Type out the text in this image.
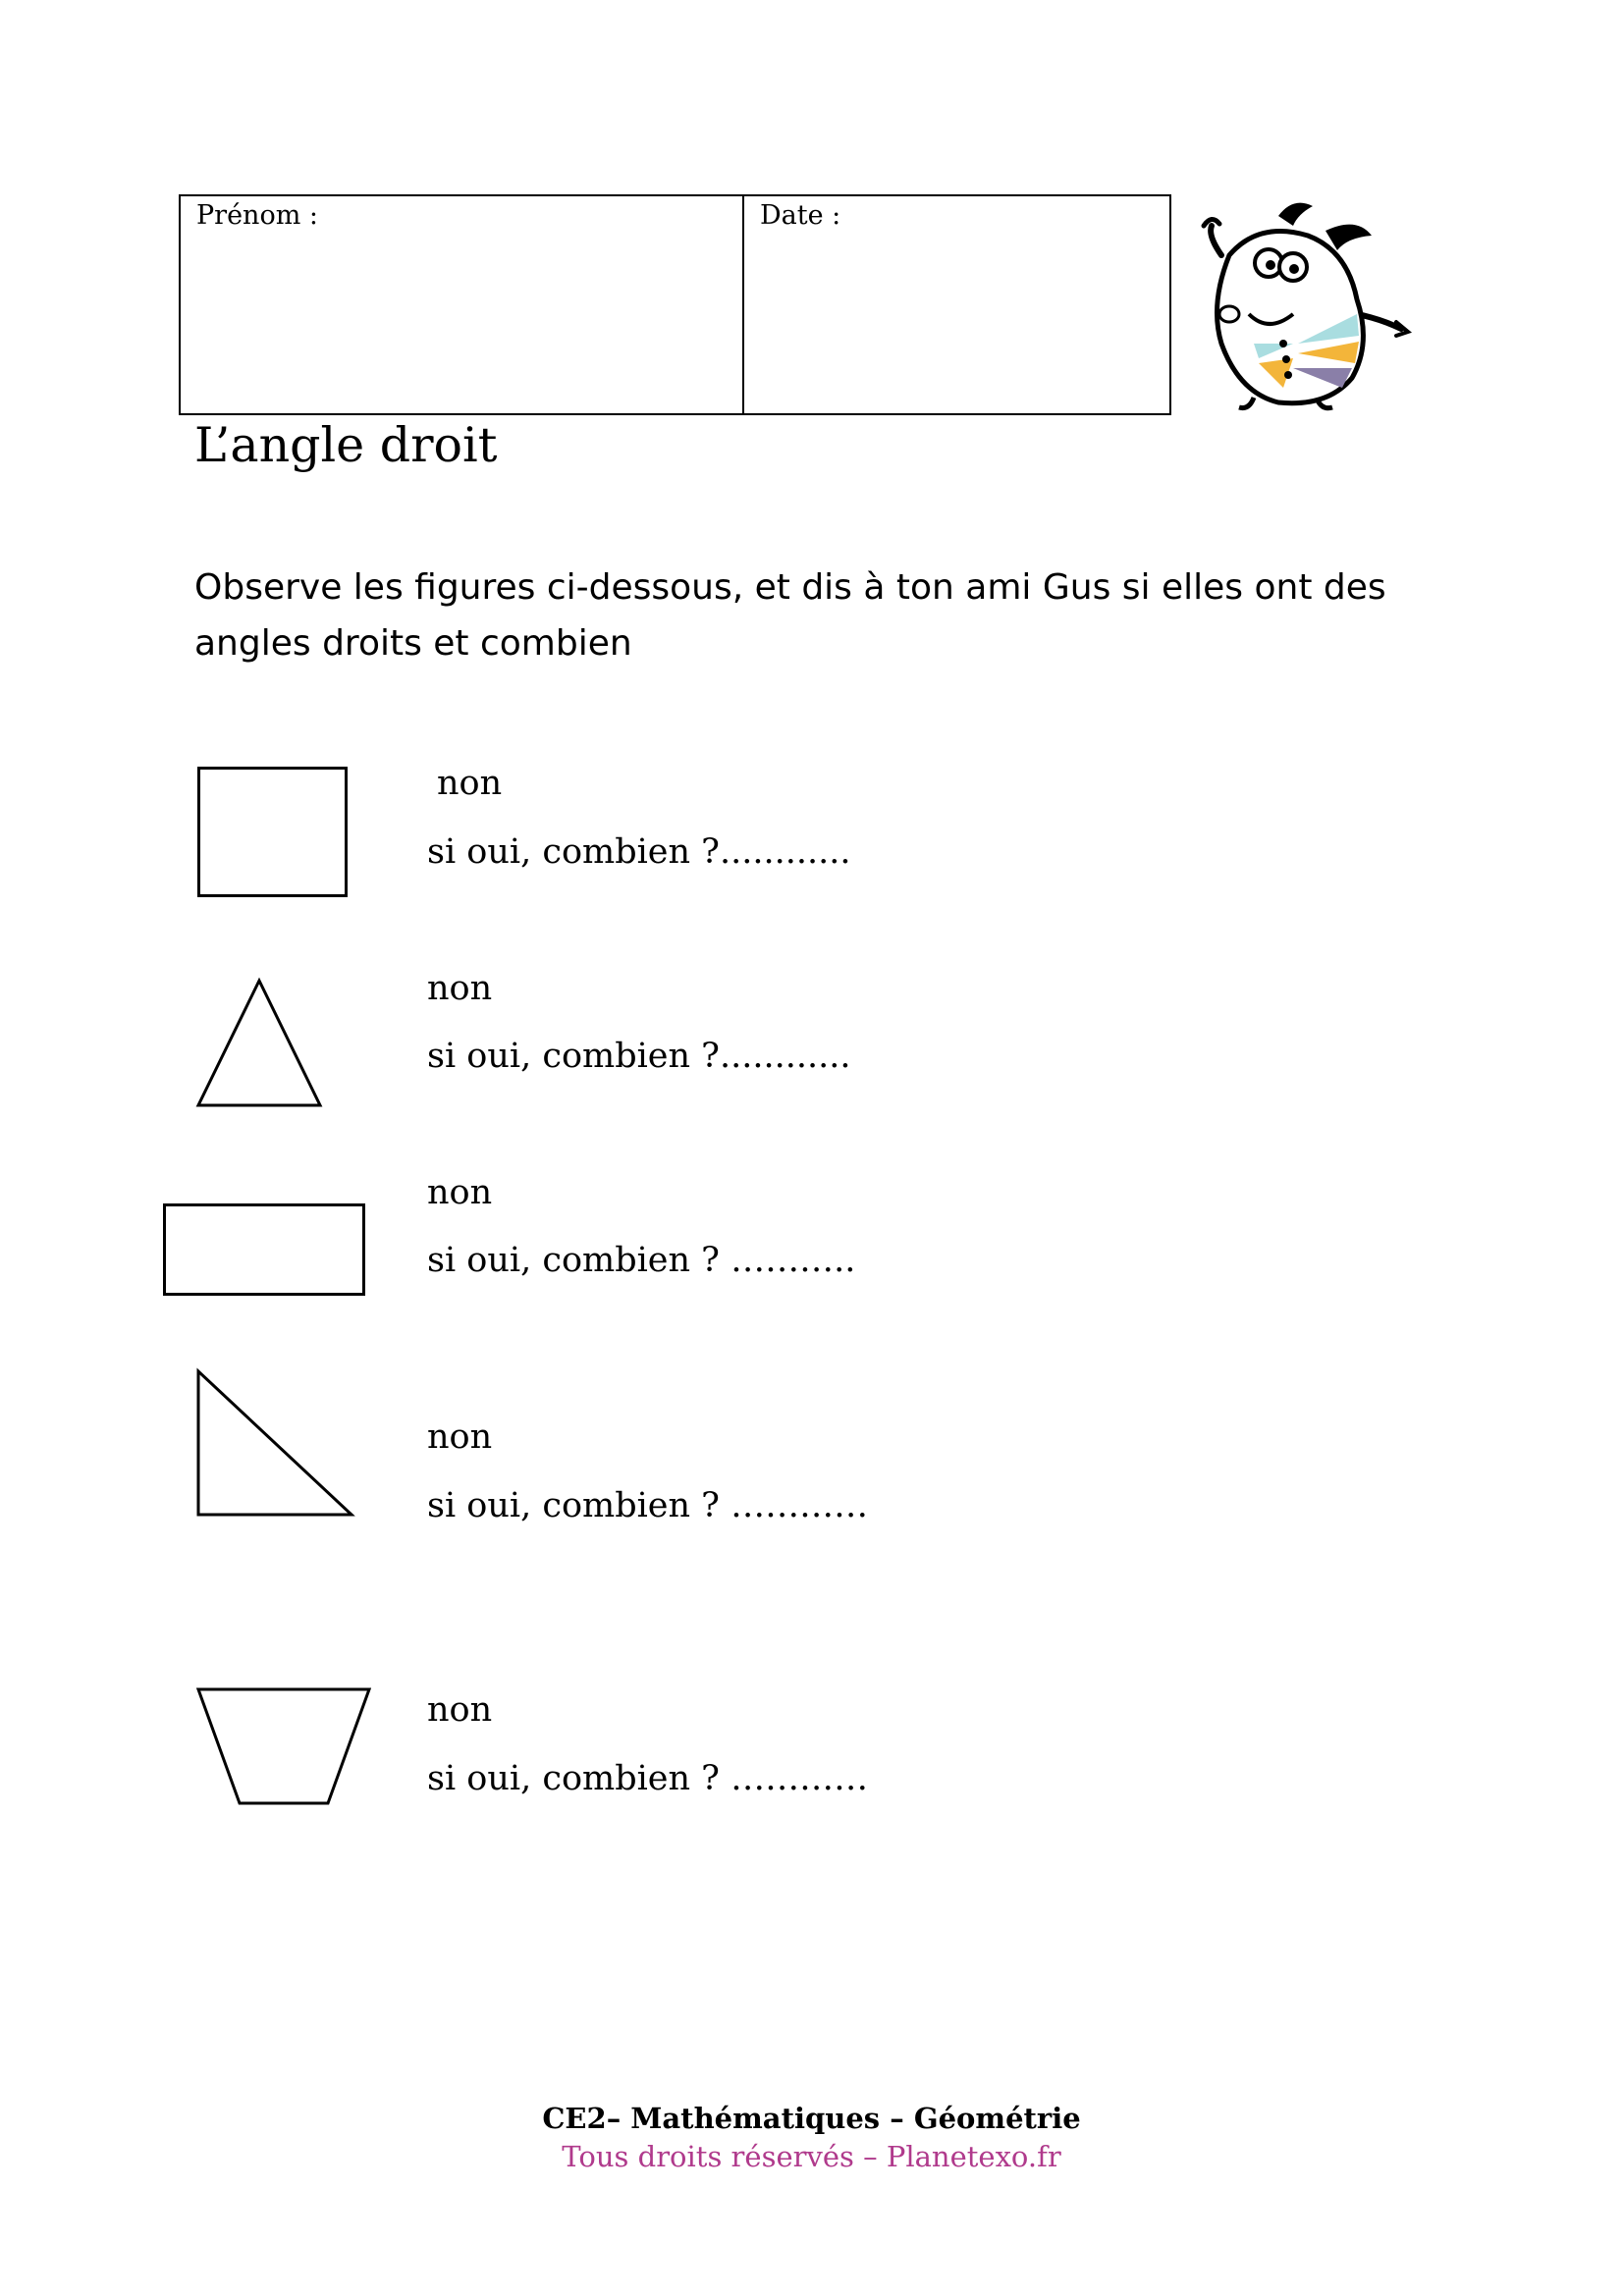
Prénom :	Date :
L’angle droit
Observe les figures ci-dessous, et dis à ton ami Gus si elles ont des angles droits et combien
non
si oui, combien ?............
non
si oui, combien ?............
non
si oui, combien ? ………..
non
si oui, combien ? …………
non
si oui, combien ? …………
CE2– Mathématiques – Géométrie
Tous droits réservés – Planetexo.fr
